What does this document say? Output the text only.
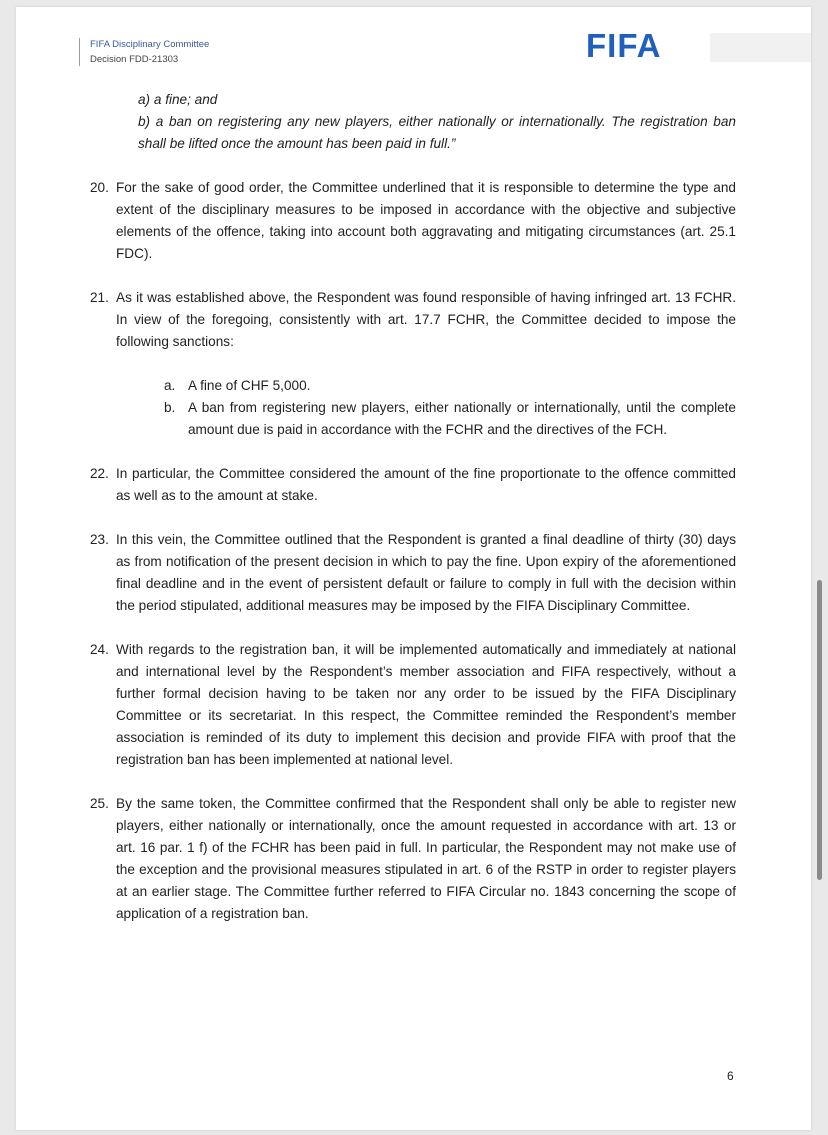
FIFA Disciplinary Committee
Decision FDD-21303	FIFA
a) a fine; and
b) a ban on registering any new players, either nationally or internationally. The registration ban shall be lifted once the amount has been paid in full.”
20. For the sake of good order, the Committee underlined that it is responsible to determine the type and extent of the disciplinary measures to be imposed in accordance with the objective and subjective elements of the offence, taking into account both aggravating and mitigating circumstances (art. 25.1 FDC).
21. As it was established above, the Respondent was found responsible of having infringed art. 13 FCHR. In view of the foregoing, consistently with art. 17.7 FCHR, the Committee decided to impose the following sanctions:
a. A fine of CHF 5,000.
b. A ban from registering new players, either nationally or internationally, until the complete amount due is paid in accordance with the FCHR and the directives of the FCH.
22. In particular, the Committee considered the amount of the fine proportionate to the offence committed as well as to the amount at stake.
23. In this vein, the Committee outlined that the Respondent is granted a final deadline of thirty (30) days as from notification of the present decision in which to pay the fine. Upon expiry of the aforementioned final deadline and in the event of persistent default or failure to comply in full with the decision within the period stipulated, additional measures may be imposed by the FIFA Disciplinary Committee.
24. With regards to the registration ban, it will be implemented automatically and immediately at national and international level by the Respondent’s member association and FIFA respectively, without a further formal decision having to be taken nor any order to be issued by the FIFA Disciplinary Committee or its secretariat. In this respect, the Committee reminded the Respondent’s member association is reminded of its duty to implement this decision and provide FIFA with proof that the registration ban has been implemented at national level.
25. By the same token, the Committee confirmed that the Respondent shall only be able to register new players, either nationally or internationally, once the amount requested in accordance with art. 13 or art. 16 par. 1 f) of the FCHR has been paid in full. In particular, the Respondent may not make use of the exception and the provisional measures stipulated in art. 6 of the RSTP in order to register players at an earlier stage. The Committee further referred to FIFA Circular no. 1843 concerning the scope of application of a registration ban.
6
